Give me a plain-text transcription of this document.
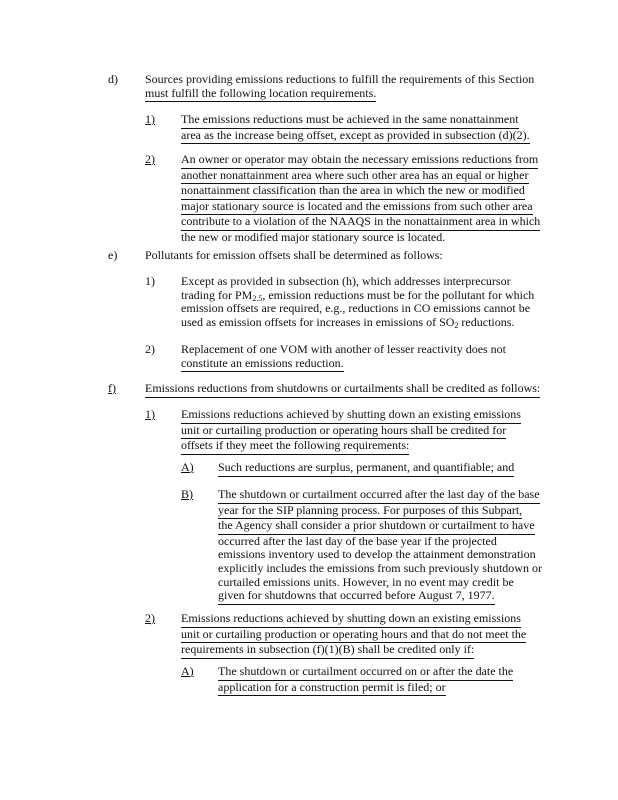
d) Sources providing emissions reductions to fulfill the requirements of this Section
must fulfill the following location requirements.
1) The emissions reductions must be achieved in the same nonattainment
area as the increase being offset, except as provided in subsection (d)(2).
2) An owner or operator may obtain the necessary emissions reductions from
another nonattainment area where such other area has an equal or higher
nonattainment classification than the area in which the new or modified
major stationary source is located and the emissions from such other area
contribute to a violation of the NAAQS in the nonattainment area in which
the new or modified major stationary source is located.
e) Pollutants for emission offsets shall be determined as follows:
1) Except as provided in subsection (h), which addresses interprecursor
trading for $PM_{2.5}$, emission reductions must be for the pollutant for which
emission offsets are required, e.g., reductions in CO emissions cannot be
used as emission offsets for increases in emissions of $SO_2$ reductions.
2) Replacement of one VOM with another of lesser reactivity does not
constitute an emissions reduction.
f) Emissions reductions from shutdowns or curtailments shall be credited as follows:
1) Emissions reductions achieved by shutting down an existing emissions
unit or curtailing production or operating hours shall be credited for
offsets if they meet the following requirements:
A) Such reductions are surplus, permanent, and quantifiable; and
B) The shutdown or curtailment occurred after the last day of the base
year for the SIP planning process. For purposes of this Subpart,
the Agency shall consider a prior shutdown or curtailment to have
occurred after the last day of the base year if the projected
emissions inventory used to develop the attainment demonstration
explicitly includes the emissions from such previously shutdown or
curtailed emissions units. However, in no event may credit be
given for shutdowns that occurred before August 7, 1977.
2) Emissions reductions achieved by shutting down an existing emissions
unit or curtailing production or operating hours and that do not meet the
requirements in subsection (f)(1)(B) shall be credited only if:
A) The shutdown or curtailment occurred on or after the date the
application for a construction permit is filed; or
